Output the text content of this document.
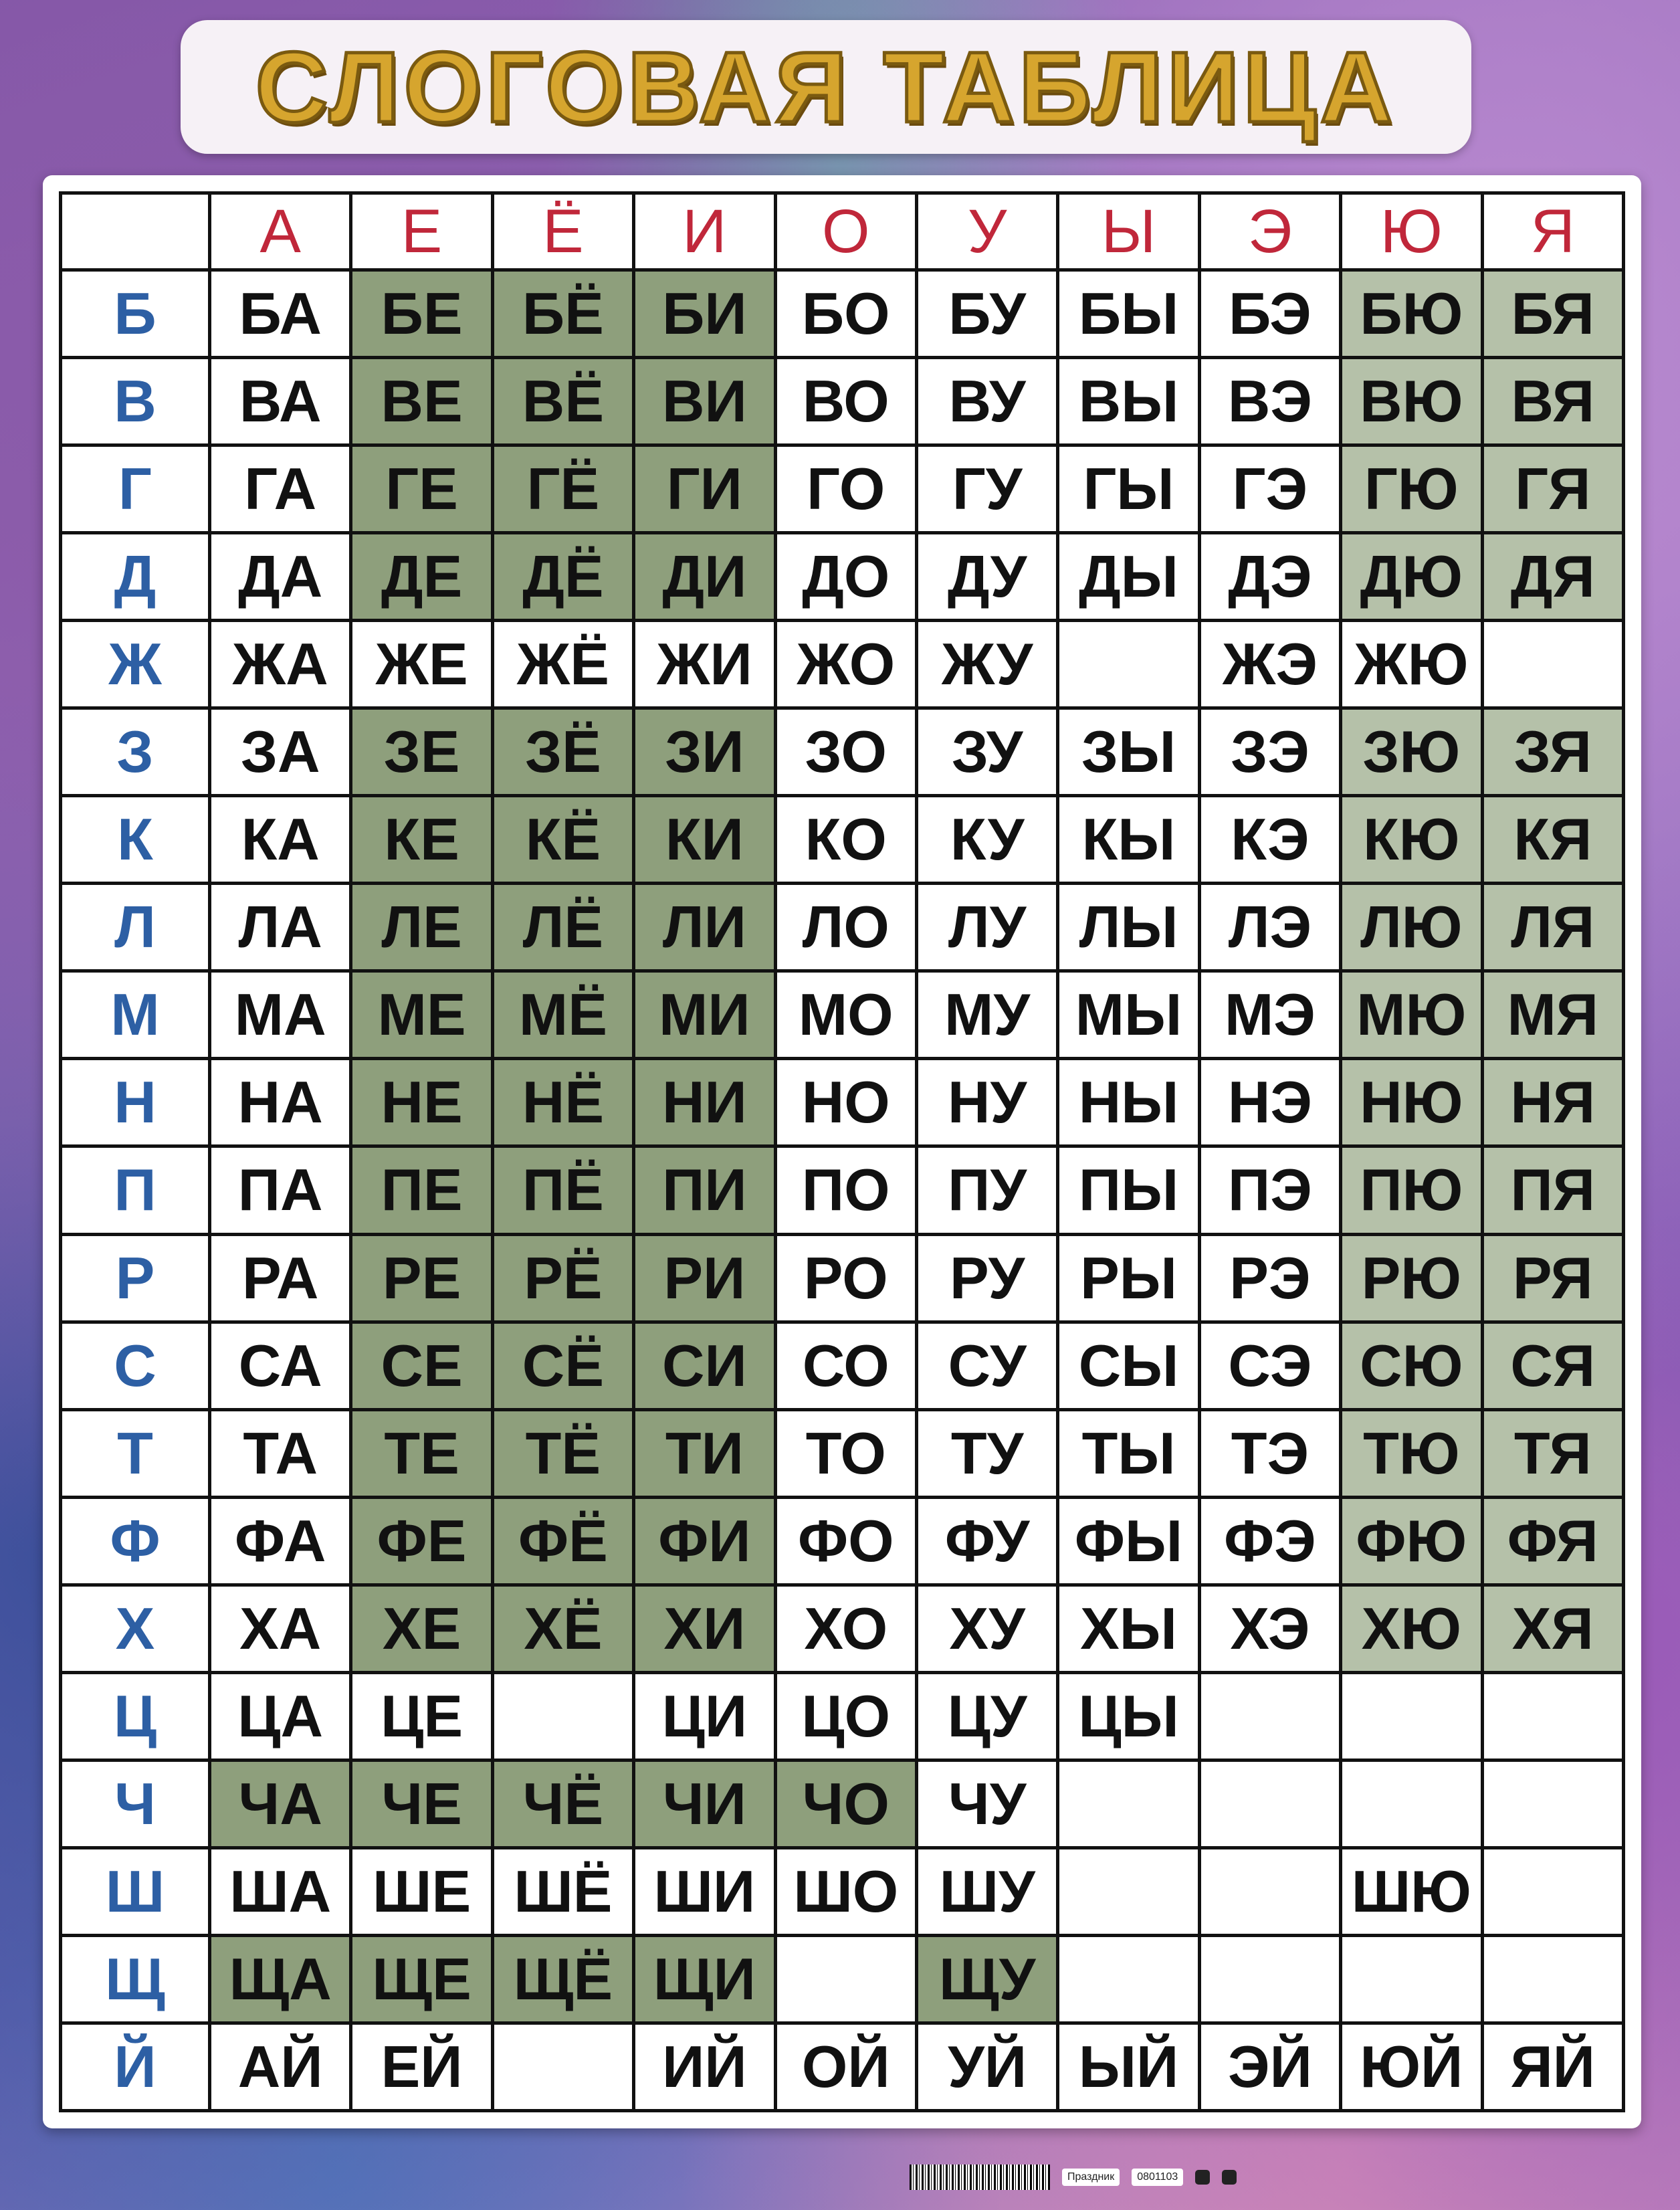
СЛОГОВАЯ ТАБЛИЦА
	А	Е	Ё	И	О	У	Ы	Э	Ю	Я
Б	БА	БЕ	БЁ	БИ	БО	БУ	БЫ	БЭ	БЮ	БЯ
В	ВА	ВЕ	ВЁ	ВИ	ВО	ВУ	ВЫ	ВЭ	ВЮ	ВЯ
Г	ГА	ГЕ	ГЁ	ГИ	ГО	ГУ	ГЫ	ГЭ	ГЮ	ГЯ
Д	ДА	ДЕ	ДЁ	ДИ	ДО	ДУ	ДЫ	ДЭ	ДЮ	ДЯ
Ж	ЖА	ЖЕ	ЖЁ	ЖИ	ЖО	ЖУ		ЖЭ	ЖЮ	
З	ЗА	ЗЕ	ЗЁ	ЗИ	ЗО	ЗУ	ЗЫ	ЗЭ	ЗЮ	ЗЯ
К	КА	КЕ	КЁ	КИ	КО	КУ	КЫ	КЭ	КЮ	КЯ
Л	ЛА	ЛЕ	ЛЁ	ЛИ	ЛО	ЛУ	ЛЫ	ЛЭ	ЛЮ	ЛЯ
М	МА	МЕ	МЁ	МИ	МО	МУ	МЫ	МЭ	МЮ	МЯ
Н	НА	НЕ	НЁ	НИ	НО	НУ	НЫ	НЭ	НЮ	НЯ
П	ПА	ПЕ	ПЁ	ПИ	ПО	ПУ	ПЫ	ПЭ	ПЮ	ПЯ
Р	РА	РЕ	РЁ	РИ	РО	РУ	РЫ	РЭ	РЮ	РЯ
С	СА	СЕ	СЁ	СИ	СО	СУ	СЫ	СЭ	СЮ	СЯ
Т	ТА	ТЕ	ТЁ	ТИ	ТО	ТУ	ТЫ	ТЭ	ТЮ	ТЯ
Ф	ФА	ФЕ	ФЁ	ФИ	ФО	ФУ	ФЫ	ФЭ	ФЮ	ФЯ
Х	ХА	ХЕ	ХЁ	ХИ	ХО	ХУ	ХЫ	ХЭ	ХЮ	ХЯ
Ц	ЦА	ЦЕ		ЦИ	ЦО	ЦУ	ЦЫ			
Ч	ЧА	ЧЕ	ЧЁ	ЧИ	ЧО	ЧУ				
Ш	ША	ШЕ	ШЁ	ШИ	ШО	ШУ			ШЮ	
Щ	ЩА	ЩЕ	ЩЁ	ЩИ		ЩУ				
Й	АЙ	ЕЙ		ИЙ	ОЙ	УЙ	ЫЙ	ЭЙ	ЮЙ	ЯЙ
Праздник	0801103
